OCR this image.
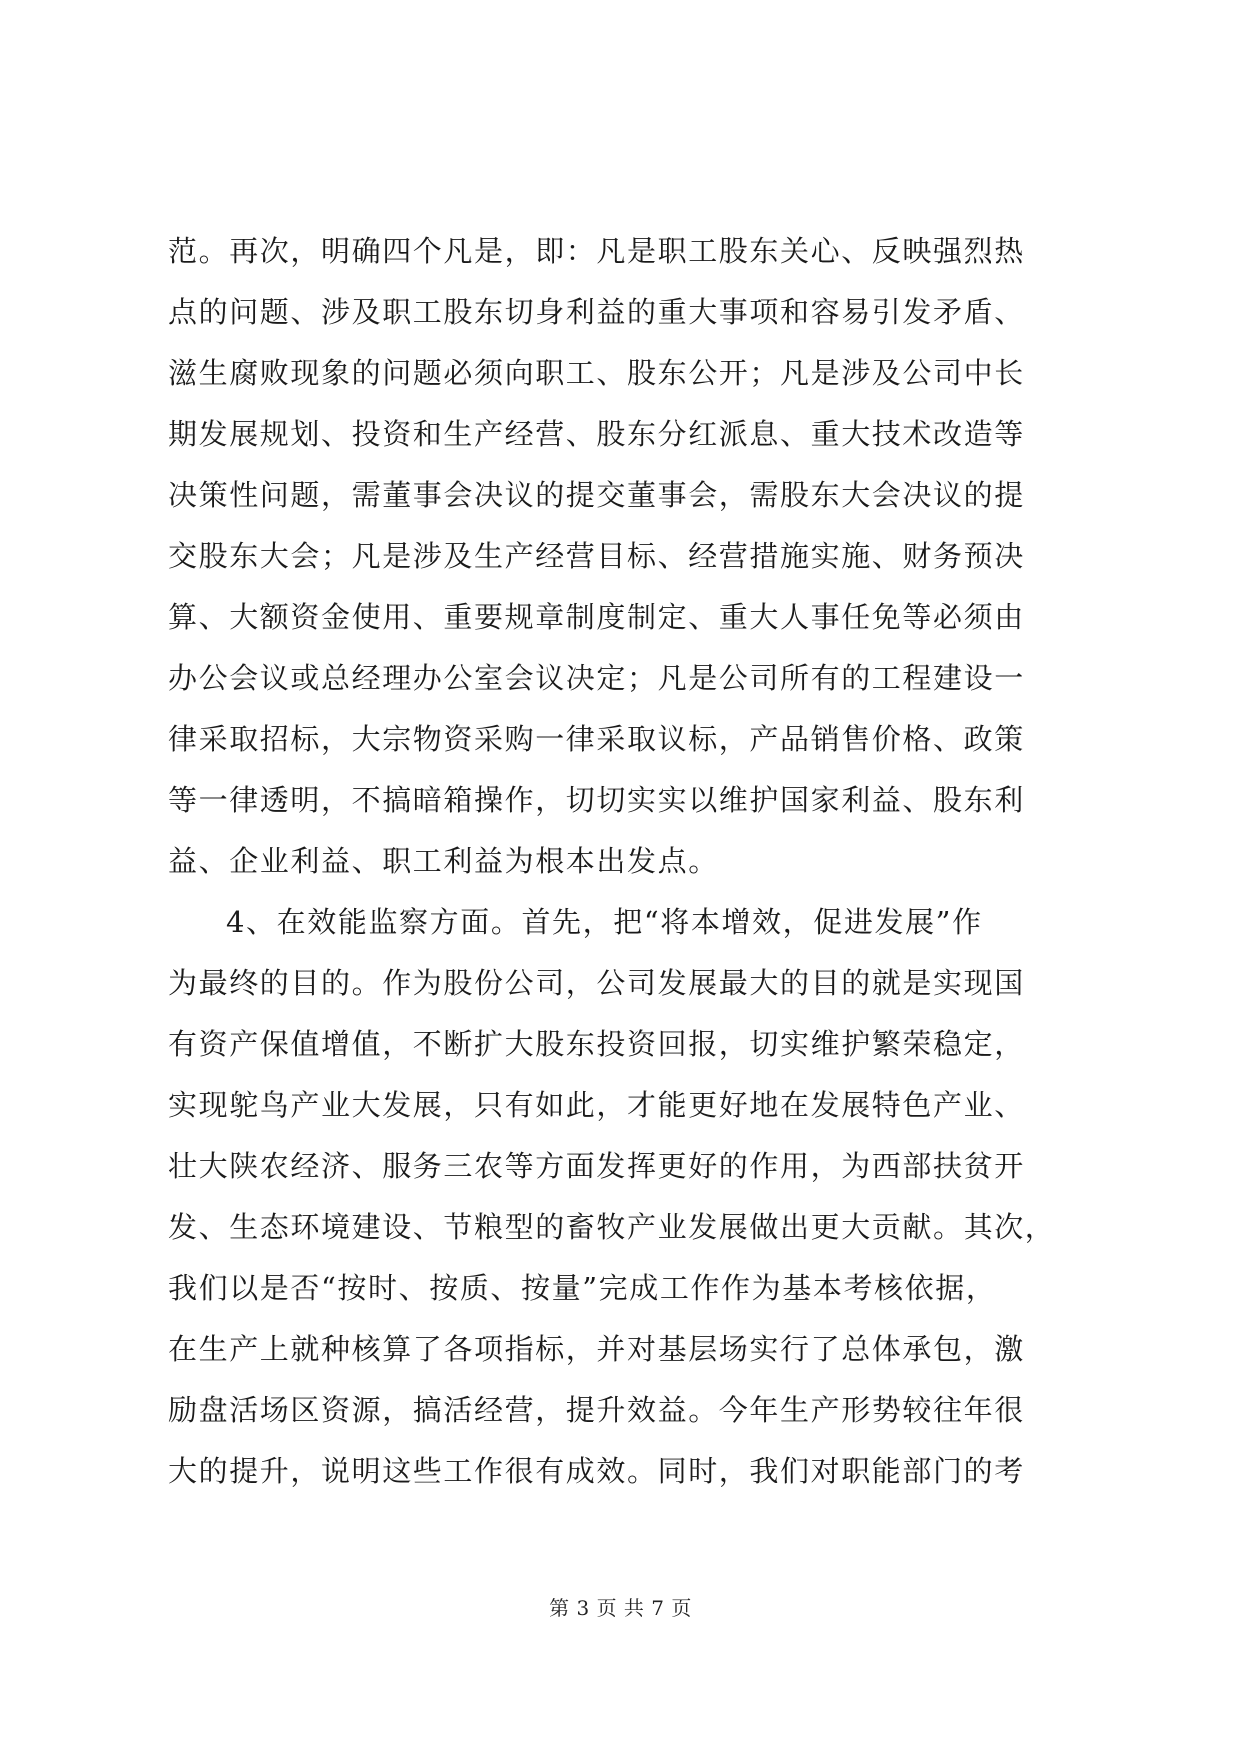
范。再次，明确四个凡是，即：凡是职工股东关心、反映强烈热
点的问题、涉及职工股东切身利益的重大事项和容易引发矛盾、
滋生腐败现象的问题必须向职工、股东公开；凡是涉及公司中长
期发展规划、投资和生产经营、股东分红派息、重大技术改造等
决策性问题，需董事会决议的提交董事会，需股东大会决议的提
交股东大会；凡是涉及生产经营目标、经营措施实施、财务预决
算、大额资金使用、重要规章制度制定、重大人事任免等必须由
办公会议或总经理办公室会议决定；凡是公司所有的工程建设一
律采取招标，大宗物资采购一律采取议标，产品销售价格、政策
等一律透明，不搞暗箱操作，切切实实以维护国家利益、股东利
益、企业利益、职工利益为根本出发点。
4、在效能监察方面。首先，把“将本增效，促进发展”作
为最终的目的。作为股份公司，公司发展最大的目的就是实现国
有资产保值增值，不断扩大股东投资回报，切实维护繁荣稳定，
实现鸵鸟产业大发展，只有如此，才能更好地在发展特色产业、
壮大陕农经济、服务三农等方面发挥更好的作用，为西部扶贫开
发、生态环境建设、节粮型的畜牧产业发展做出更大贡献。其次，
我们以是否“按时、按质、按量”完成工作作为基本考核依据，
在生产上就种核算了各项指标，并对基层场实行了总体承包，激
励盘活场区资源，搞活经营，提升效益。今年生产形势较往年很
大的提升，说明这些工作很有成效。同时，我们对职能部门的考
第 3 页 共 7 页
